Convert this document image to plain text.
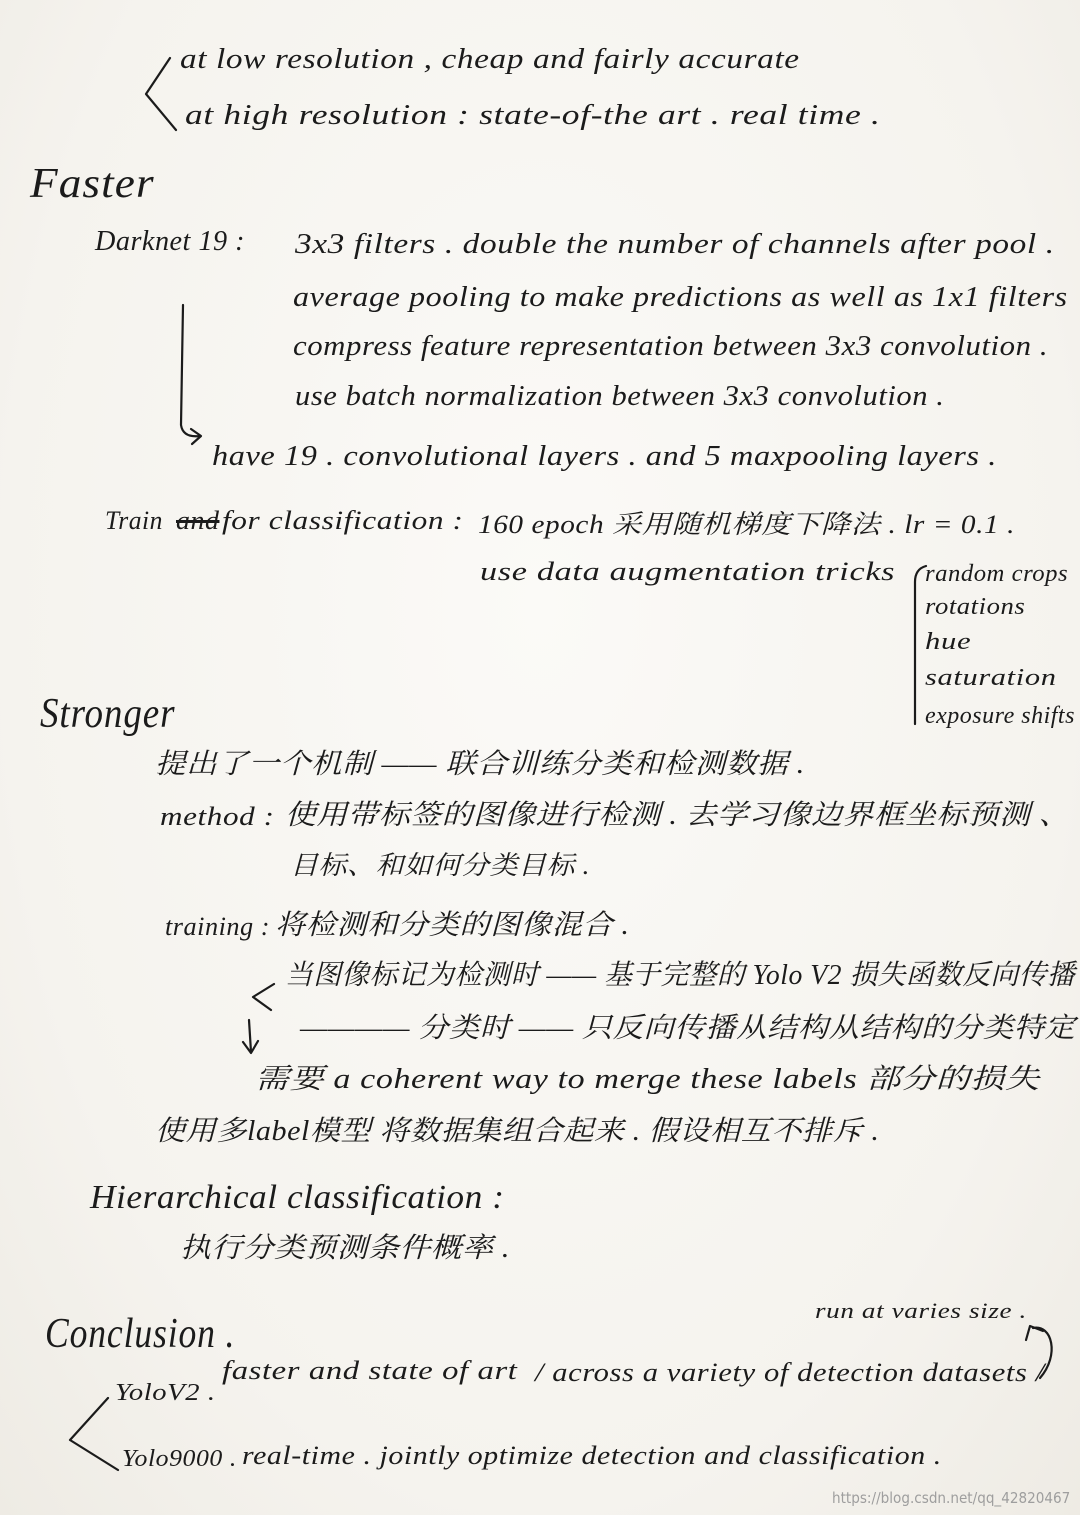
at low resolution , cheap and fairly accurate
at high resolution : state-of-the art . real time .
Faster
Darknet 19 : 3x3 filters . double the number of channels after pool .
average pooling to make predictions as well as 1x1 filters
compress feature representation between 3x3 convolution .
use batch normalization between 3x3 convolution .
have 19 . convolutional layers . and 5 maxpooling layers .
Train and for classification : 160 epoch 采用随机梯度下降法 . lr = 0.1 .
use data augmentation tricks random crops
rotations
hue
saturation
exposure shifts
Stronger
提出了一个机制 —— 联合训练分类和检测数据 .
method : 使用带标签的图像进行检测 . 去学习像边界框坐标预测 、
目标、和如何分类目标 .
training : 将检测和分类的图像混合 .
当图像标记为检测时 —— 基于完整的 Yolo V2 损失函数反向传播
———— 分类时 —— 只反向传播从结构从结构的分类特定
需要 a coherent way to merge these labels 部分的损失
使用多label模型 将数据集组合起来 . 假设相互不排斥 .
Hierarchical classification :
执行分类预测条件概率 .
Conclusion .
run at varies size .
YoloV2 .
faster and state of art / across a variety of detection datasets /
Yolo9000 . real-time . jointly optimize detection and classification .
https://blog.csdn.net/qq_42820467
